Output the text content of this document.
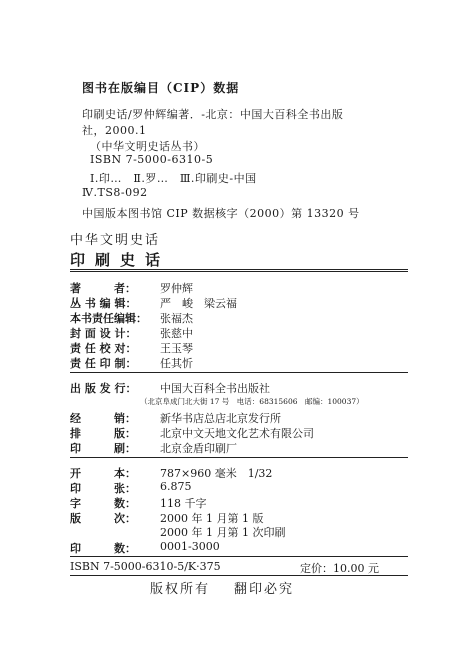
图书在版编目（CIP）数据
印刷史话/罗仲辉编著．-北京：中国大百科全书出版
社，2000.1
（中华文明史话丛书）
ISBN 7-5000-6310-5
Ⅰ.印…　Ⅱ.罗…　Ⅲ.印刷史-中国
Ⅳ.TS8-092
中国版本图书馆 CIP 数据核字（2000）第 13320 号
中华文明史话
印刷史话
著　　　者：	罗仲辉
丛 书 编 辑：	严　峻　梁云福
本书责任编辑：	张福杰
封 面 设 计：	张慈中
责 任 校 对：	王玉琴
责 任 印 制：	任其忻
出 版 发 行：	中国大百科全书出版社
（北京阜成门北大街 17 号　电话：68315606　邮编：100037）
经　　　销：	新华书店总店北京发行所
排　　　版：	北京中文天地文化艺术有限公司
印　　　刷：	北京金盾印刷厂
开　　　本：	787×960 毫米　1/32
印　　　张：	6.875
字　　　数：	118 千字
版　　　次：	2000 年 1 月第 1 版
2000 年 1 月第 1 次印刷
印　　　数：	0001-3000
ISBN 7-5000-6310-5/K·375	定价：10.00 元
版权所有 翻印必究
